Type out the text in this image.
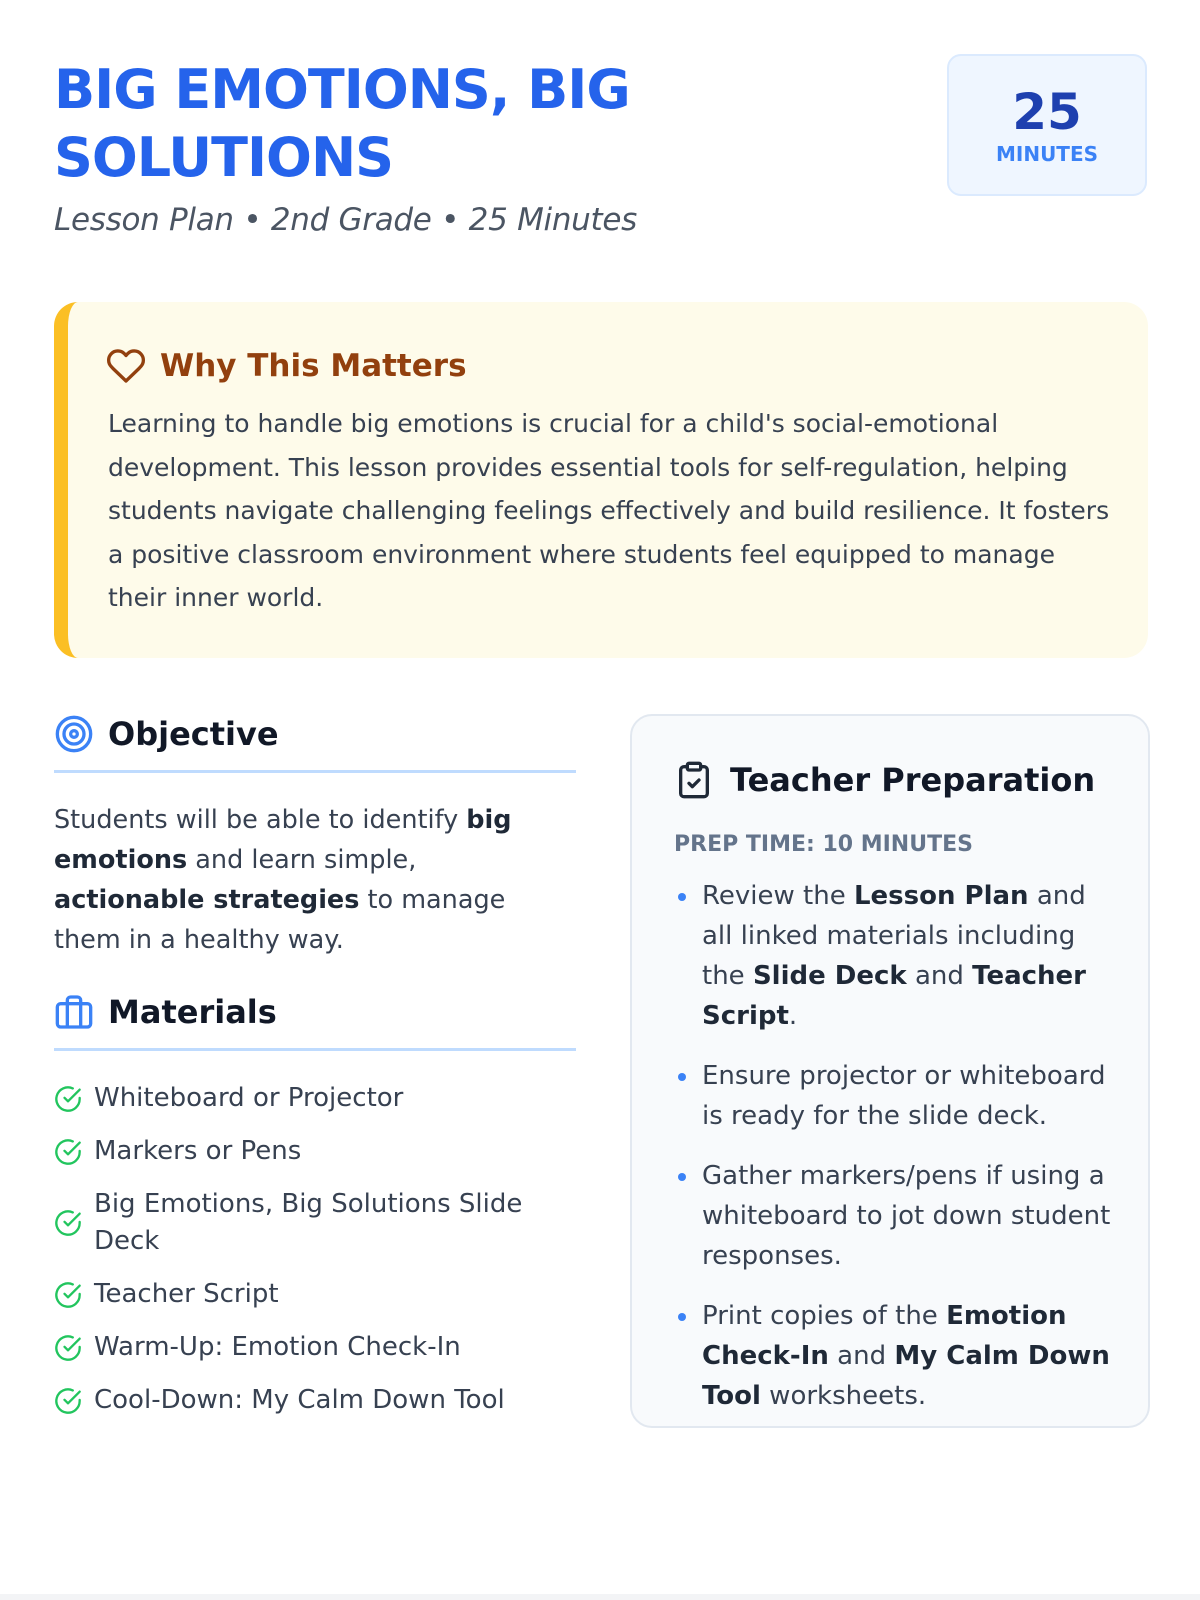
BIG EMOTIONS, BIG SOLUTIONS
Lesson Plan • 2nd Grade • 25 Minutes
25
MINUTES
Why This Matters

Learning to handle big emotions is crucial for a child's social-emotional development. This lesson provides essential tools for self-regulation, helping students navigate challenging feelings effectively and build resilience. It fosters a positive classroom environment where students feel equipped to manage their inner world.

Objective

Students will be able to identify big emotions and learn simple, actionable strategies to manage them in a healthy way.

Materials
Whiteboard or Projector
Markers or Pens
Big Emotions, Big Solutions Slide Deck
Teacher Script
Warm-Up: Emotion Check-In
Cool-Down: My Calm Down Tool
Teacher Preparation
PREP TIME: 10 MINUTES
Review the Lesson Plan and all linked materials including the Slide Deck and Teacher Script.
Ensure projector or whiteboard is ready for the slide deck.
Gather markers/pens if using a whiteboard to jot down student responses.
Print copies of the Emotion Check-In and My Calm Down Tool worksheets.
